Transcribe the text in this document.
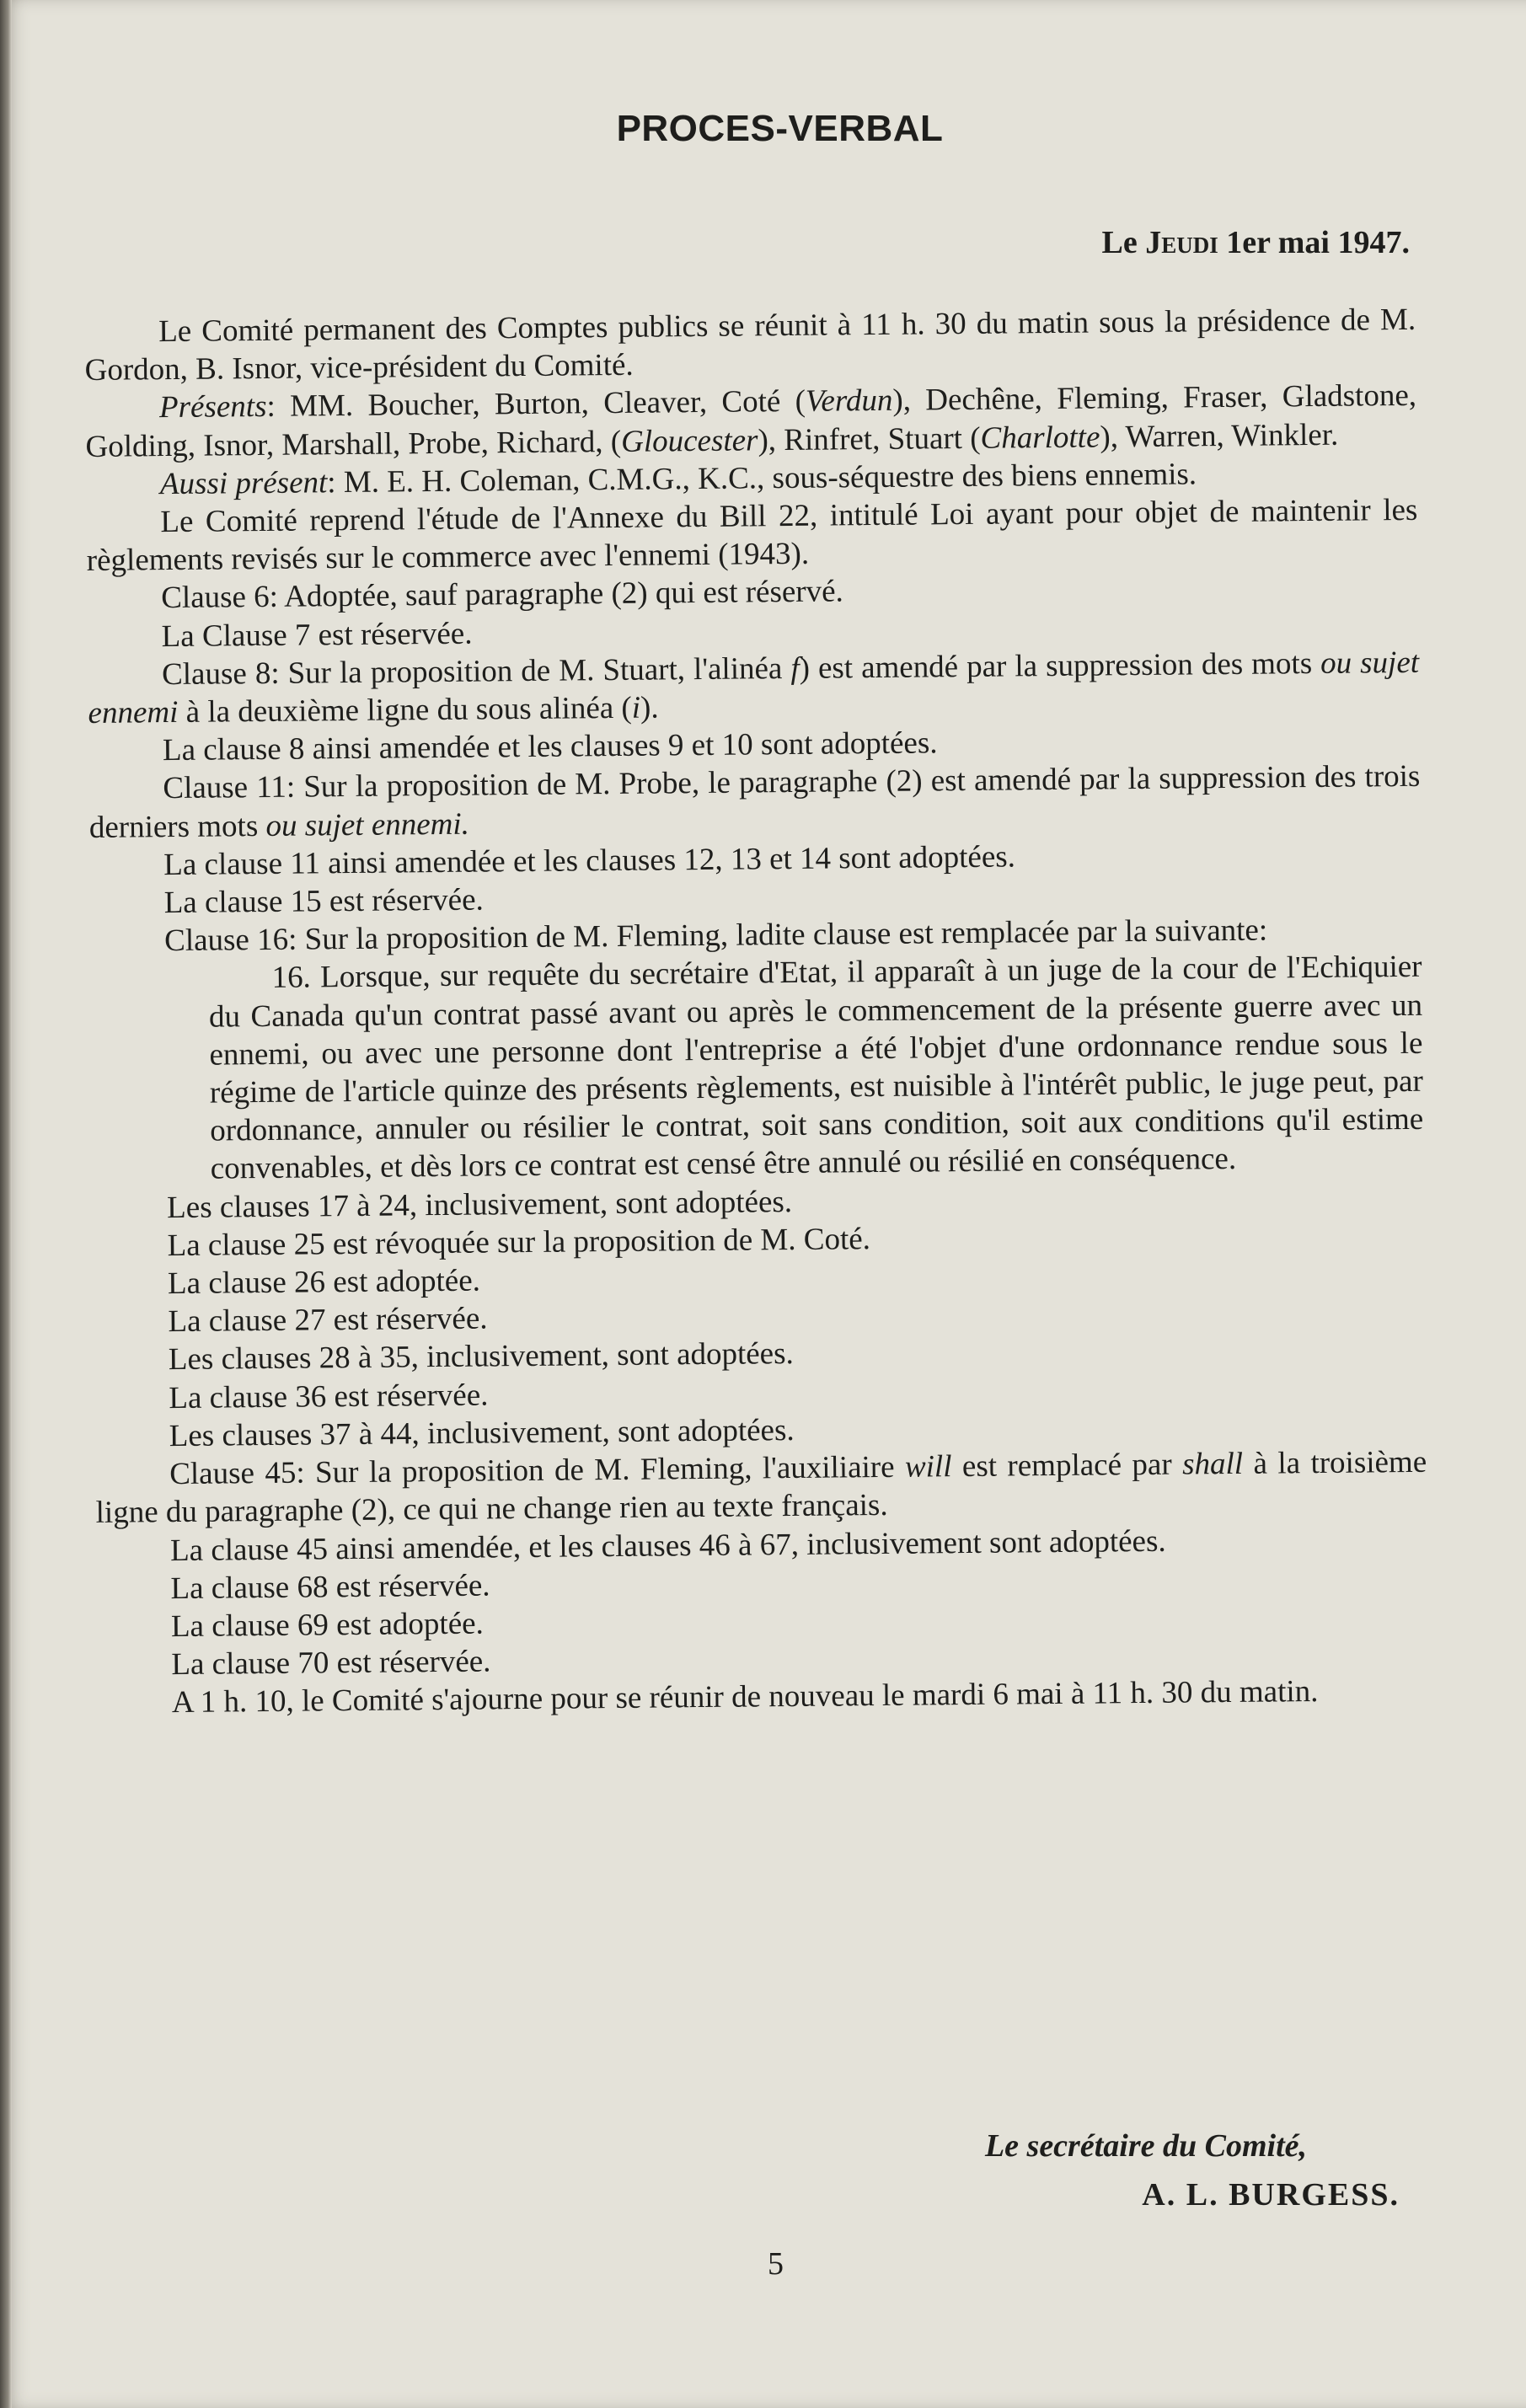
PROCES-VERBAL
Le Jeudi 1er mai 1947.

Le Comité permanent des Comptes publics se réunit à 11 h. 30 du matin sous la présidence de M. Gordon, B. Isnor, vice-président du Comité.

Présents: MM. Boucher, Burton, Cleaver, Coté (Verdun), Dechêne, Fleming, Fraser, Gladstone, Golding, Isnor, Marshall, Probe, Richard, (Gloucester), Rinfret, Stuart (Charlotte), Warren, Winkler.

Aussi présent: M. E. H. Coleman, C.M.G., K.C., sous-séquestre des biens ennemis.

Le Comité reprend l'étude de l'Annexe du Bill 22, intitulé Loi ayant pour objet de maintenir les règlements revisés sur le commerce avec l'ennemi (1943).

Clause 6: Adoptée, sauf paragraphe (2) qui est réservé.

La Clause 7 est réservée.

Clause 8: Sur la proposition de M. Stuart, l'alinéa f) est amendé par la suppression des mots ou sujet ennemi à la deuxième ligne du sous alinéa (i).

La clause 8 ainsi amendée et les clauses 9 et 10 sont adoptées.

Clause 11: Sur la proposition de M. Probe, le paragraphe (2) est amendé par la suppression des trois derniers mots ou sujet ennemi.

La clause 11 ainsi amendée et les clauses 12, 13 et 14 sont adoptées.

La clause 15 est réservée.

Clause 16: Sur la proposition de M. Fleming, ladite clause est remplacée par la suivante:

16. Lorsque, sur requête du secrétaire d'Etat, il apparaît à un juge de la cour de l'Echiquier du Canada qu'un contrat passé avant ou après le commencement de la présente guerre avec un ennemi, ou avec une personne dont l'entreprise a été l'objet d'une ordonnance rendue sous le régime de l'article quinze des présents règlements, est nuisible à l'intérêt public, le juge peut, par ordonnance, annuler ou résilier le contrat, soit sans condition, soit aux conditions qu'il estime convenables, et dès lors ce contrat est censé être annulé ou résilié en conséquence.

Les clauses 17 à 24, inclusivement, sont adoptées.

La clause 25 est révoquée sur la proposition de M. Coté.

La clause 26 est adoptée.

La clause 27 est réservée.

Les clauses 28 à 35, inclusivement, sont adoptées.

La clause 36 est réservée.

Les clauses 37 à 44, inclusivement, sont adoptées.

Clause 45: Sur la proposition de M. Fleming, l'auxiliaire will est remplacé par shall à la troisième ligne du paragraphe (2), ce qui ne change rien au texte français.

La clause 45 ainsi amendée, et les clauses 46 à 67, inclusivement sont adoptées.

La clause 68 est réservée.

La clause 69 est adoptée.

La clause 70 est réservée.

A 1 h. 10, le Comité s'ajourne pour se réunir de nouveau le mardi 6 mai à 11 h. 30 du matin.

Le secrétaire du Comité,
A. L. BURGESS.
5
